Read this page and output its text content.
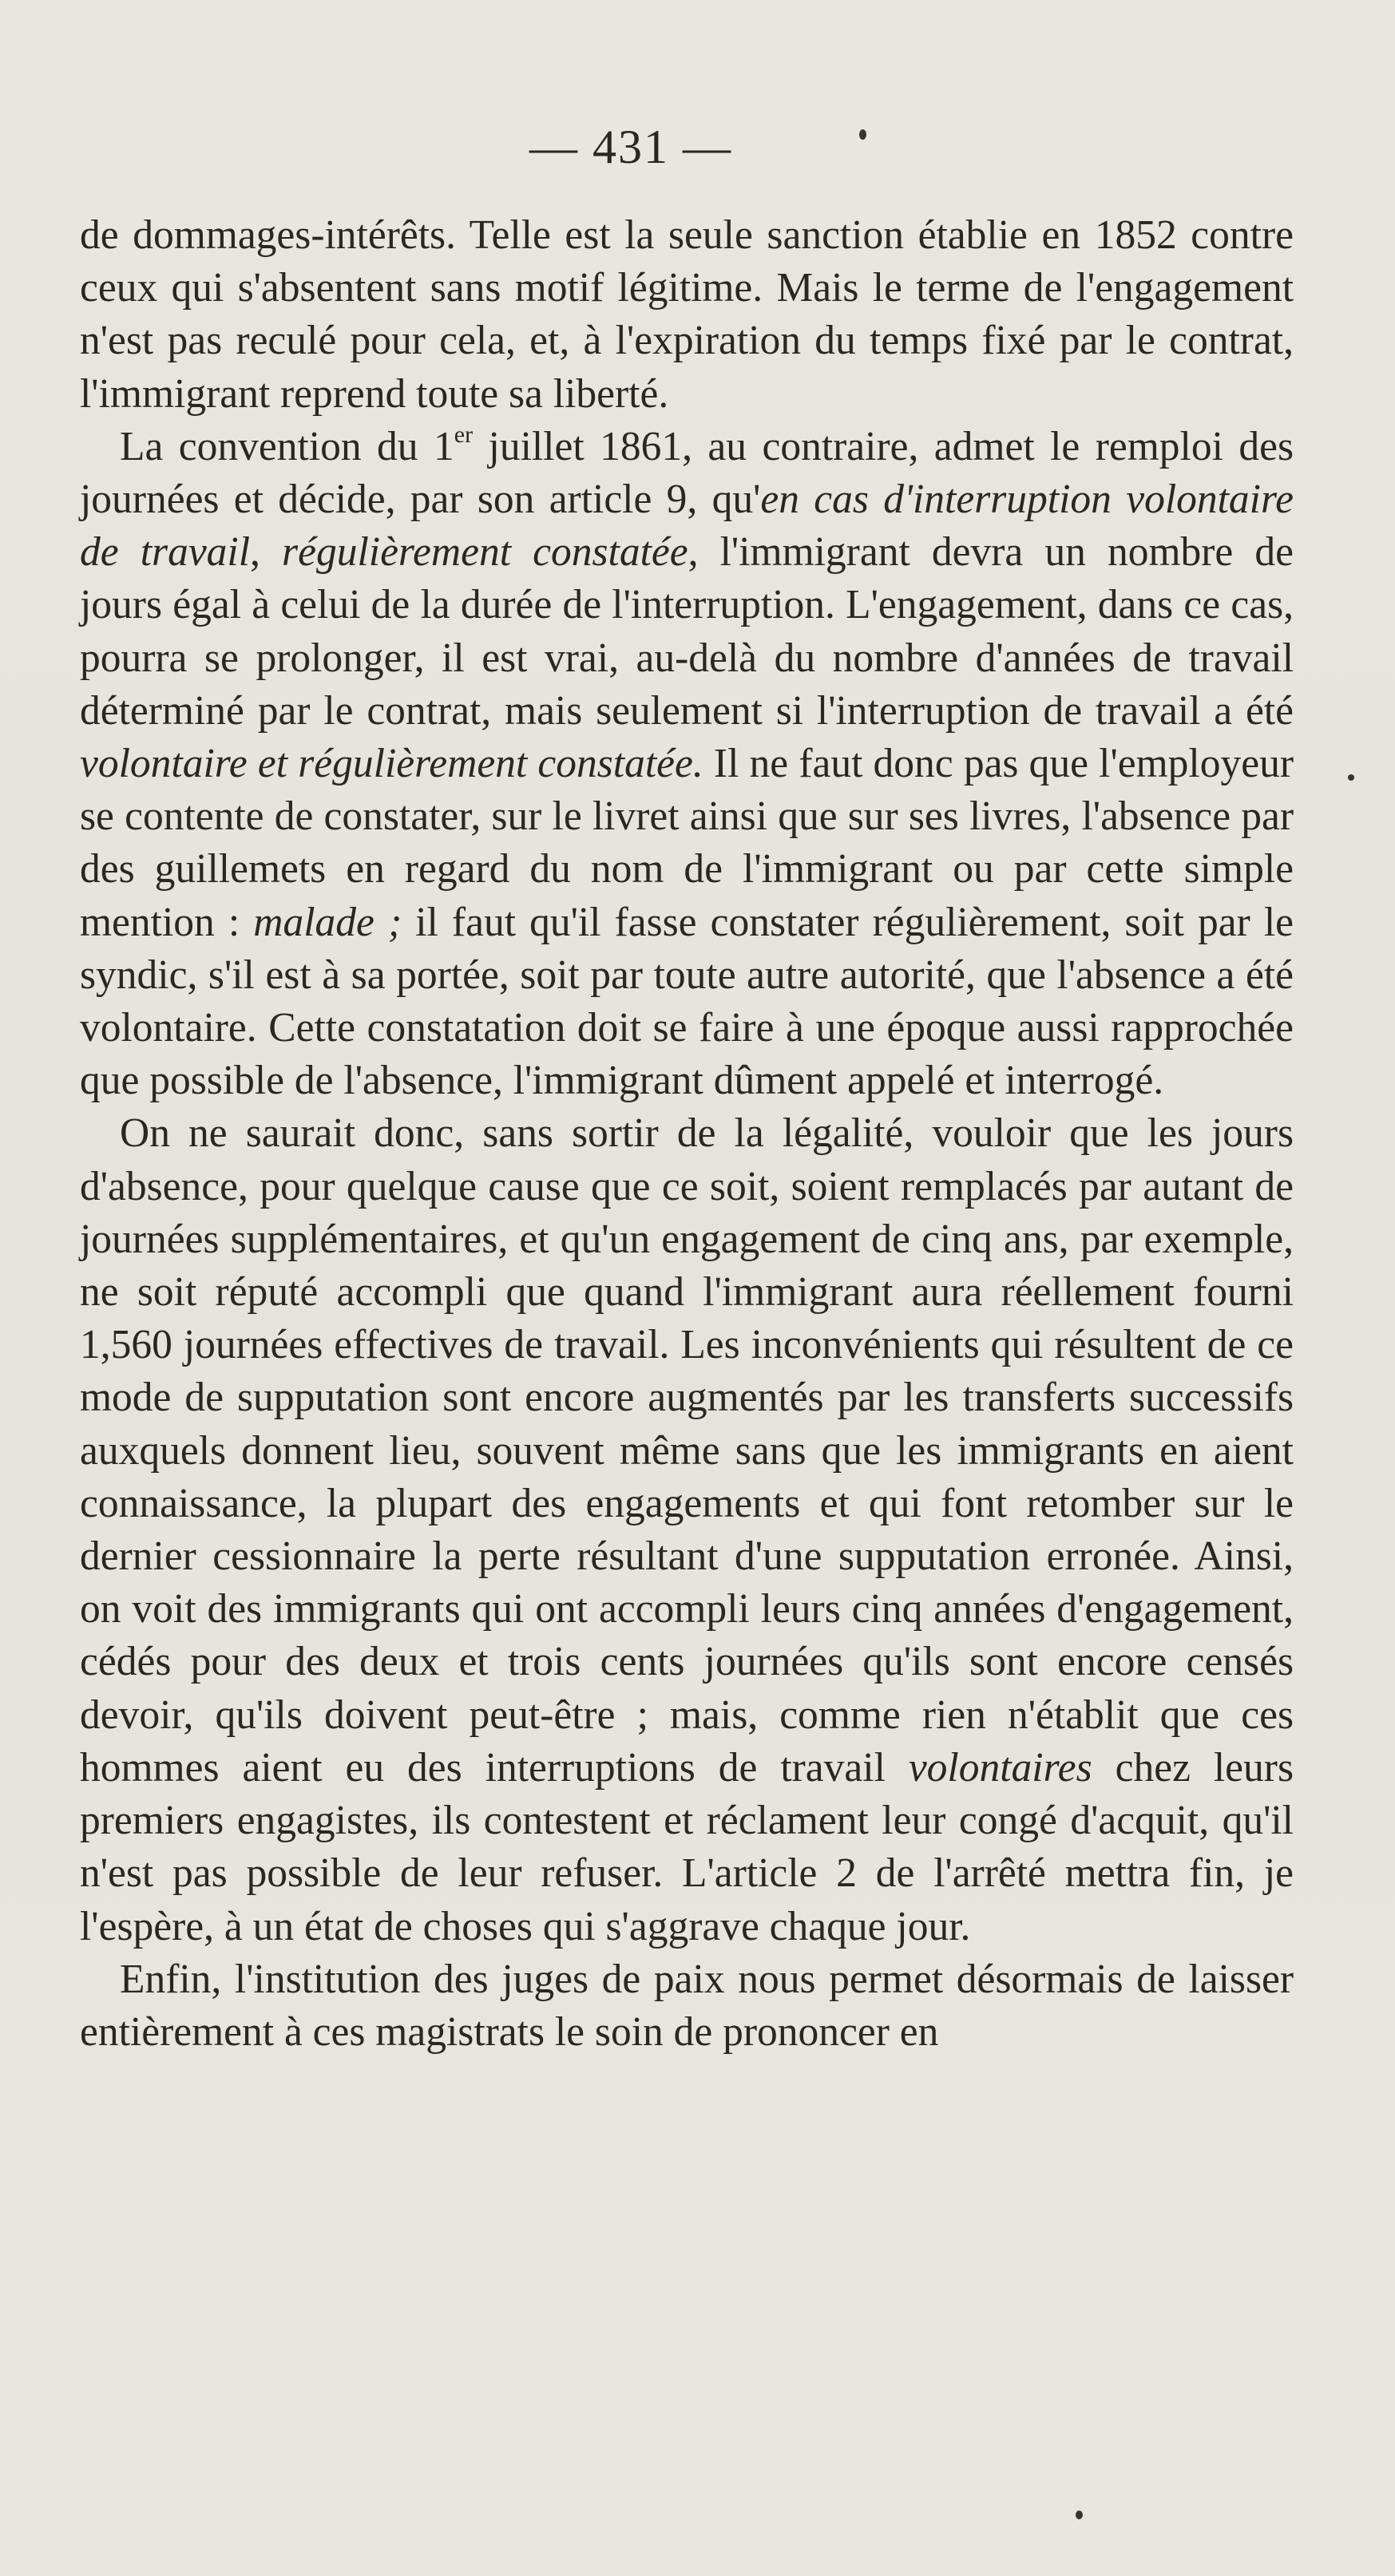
— 431 —

de dommages-intérêts. Telle est la seule sanction établie en 1852 contre ceux qui s'absentent sans motif légitime. Mais le terme de l'engagement n'est pas reculé pour cela, et, à l'expiration du temps fixé par le contrat, l'immigrant reprend toute sa liberté.

La convention du 1er juillet 1861, au contraire, admet le remploi des journées et décide, par son article 9, qu'en cas d'interruption volontaire de travail, régulièrement constatée, l'immigrant devra un nombre de jours égal à celui de la durée de l'interruption. L'engagement, dans ce cas, pourra se prolonger, il est vrai, au-delà du nombre d'années de travail déterminé par le contrat, mais seulement si l'interruption de travail a été volontaire et régulièrement constatée. Il ne faut donc pas que l'employeur se contente de constater, sur le livret ainsi que sur ses livres, l'absence par des guillemets en regard du nom de l'immigrant ou par cette simple mention : malade ; il faut qu'il fasse constater régulièrement, soit par le syndic, s'il est à sa portée, soit par toute autre autorité, que l'absence a été volontaire. Cette constatation doit se faire à une époque aussi rapprochée que possible de l'absence, l'immigrant dûment appelé et interrogé.

On ne saurait donc, sans sortir de la légalité, vouloir que les jours d'absence, pour quelque cause que ce soit, soient remplacés par autant de journées supplémentaires, et qu'un engagement de cinq ans, par exemple, ne soit réputé accompli que quand l'immigrant aura réellement fourni 1,560 journées effectives de travail. Les inconvénients qui résultent de ce mode de supputation sont encore augmentés par les transferts successifs auxquels donnent lieu, souvent même sans que les immigrants en aient connaissance, la plupart des engagements et qui font retomber sur le dernier cessionnaire la perte résultant d'une supputation erronée. Ainsi, on voit des immigrants qui ont accompli leurs cinq années d'engagement, cédés pour des deux et trois cents journées qu'ils sont encore censés devoir, qu'ils doivent peut-être ; mais, comme rien n'établit que ces hommes aient eu des interruptions de travail volontaires chez leurs premiers engagistes, ils contestent et réclament leur congé d'acquit, qu'il n'est pas possible de leur refuser. L'article 2 de l'arrêté mettra fin, je l'espère, à un état de choses qui s'aggrave chaque jour.

Enfin, l'institution des juges de paix nous permet désormais de laisser entièrement à ces magistrats le soin de prononcer en
